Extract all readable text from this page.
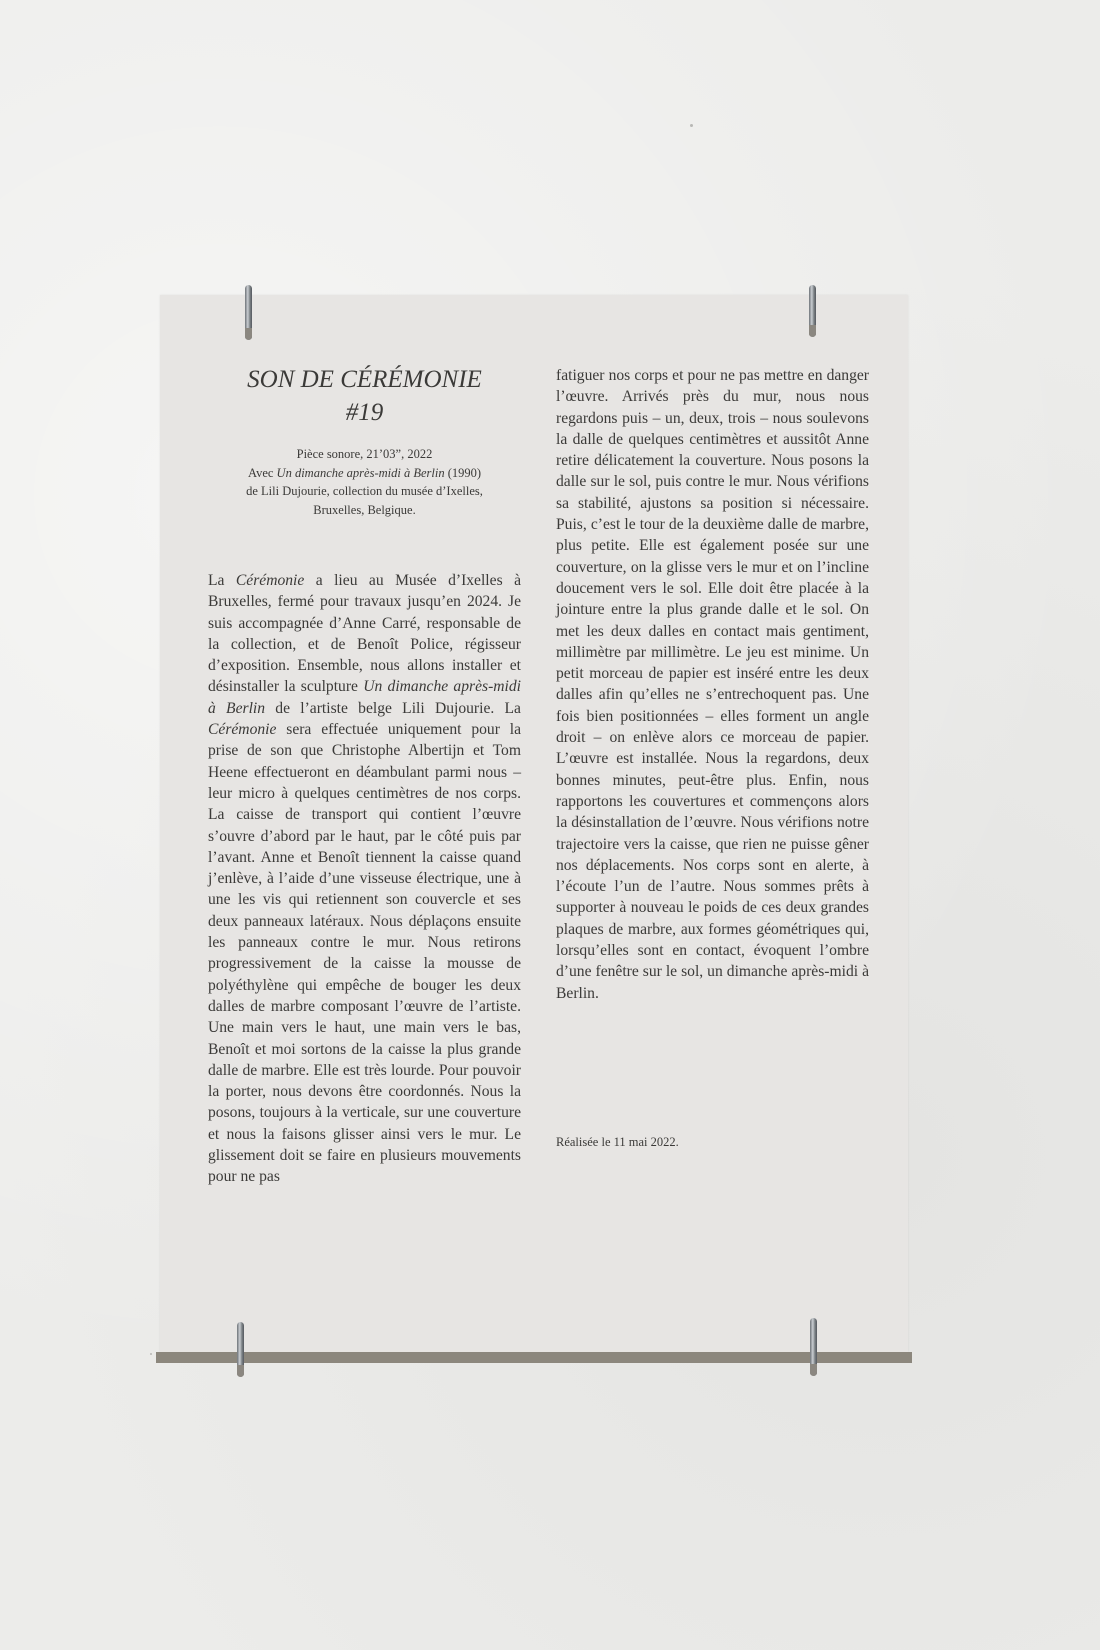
SON DE CÉRÉMONIE
#19
Pièce sonore, 21’03”, 2022
Avec Un dimanche après-midi à Berlin (1990)
de Lili Dujourie, collection du musée d’Ixelles,
Bruxelles, Belgique.

La Cérémonie a lieu au Musée d’Ixelles à Bruxelles, fermé pour travaux jusqu’en 2024. Je suis accompagnée d’Anne Carré, responsable de la collection, et de Benoît Police, régisseur d’exposition. Ensemble, nous allons installer et désinstaller la sculpture Un dimanche après-midi à Berlin de l’artiste belge Lili Dujourie. La Cérémonie sera effectuée uniquement pour la prise de son que Christophe Albertijn et Tom Heene effectueront en déambulant parmi nous – leur micro à quelques centimètres de nos corps. La caisse de transport qui contient l’œuvre s’ouvre d’abord par le haut, par le côté puis par l’avant. Anne et Benoît tiennent la caisse quand j’enlève, à l’aide d’une visseuse électrique, une à une les vis qui retiennent son couvercle et ses deux panneaux latéraux. Nous déplaçons ensuite les panneaux contre le mur. Nous retirons progressivement de la caisse la mousse de polyéthylène qui empêche de bouger les deux dalles de marbre composant l’œuvre de l’artiste. Une main vers le haut, une main vers le bas, Benoît et moi sortons de la caisse la plus grande dalle de marbre. Elle est très lourde. Pour pouvoir la porter, nous devons être coordonnés. Nous la posons, toujours à la verticale, sur une couverture et nous la faisons glisser ainsi vers le mur. Le glissement doit se faire en plusieurs mouvements pour ne pas

fatiguer nos corps et pour ne pas mettre en danger l’œuvre. Arrivés près du mur, nous nous regardons puis – un, deux, trois – nous soulevons la dalle de quelques centimètres et aussitôt Anne retire délicatement la couverture. Nous posons la dalle sur le sol, puis contre le mur. Nous vérifions sa stabilité, ajustons sa position si nécessaire. Puis, c’est le tour de la deuxième dalle de marbre, plus petite. Elle est également posée sur une couverture, on la glisse vers le mur et on l’incline doucement vers le sol. Elle doit être placée à la jointure entre la plus grande dalle et le sol. On met les deux dalles en contact mais gentiment, millimètre par millimètre. Le jeu est minime. Un petit morceau de papier est inséré entre les deux dalles afin qu’elles ne s’entrechoquent pas. Une fois bien positionnées – elles forment un angle droit – on enlève alors ce morceau de papier. L’œuvre est installée. Nous la regardons, deux bonnes minutes, peut-être plus. Enfin, nous rapportons les couvertures et commençons alors la désinstallation de l’œuvre. Nous vérifions notre trajectoire vers la caisse, que rien ne puisse gêner nos déplacements. Nos corps sont en alerte, à l’écoute l’un de l’autre. Nous sommes prêts à supporter à nouveau le poids de ces deux grandes plaques de marbre, aux formes géométriques qui, lorsqu’elles sont en contact, évoquent l’ombre d’une fenêtre sur le sol, un dimanche après-midi à Berlin.

Réalisée le 11 mai 2022.
